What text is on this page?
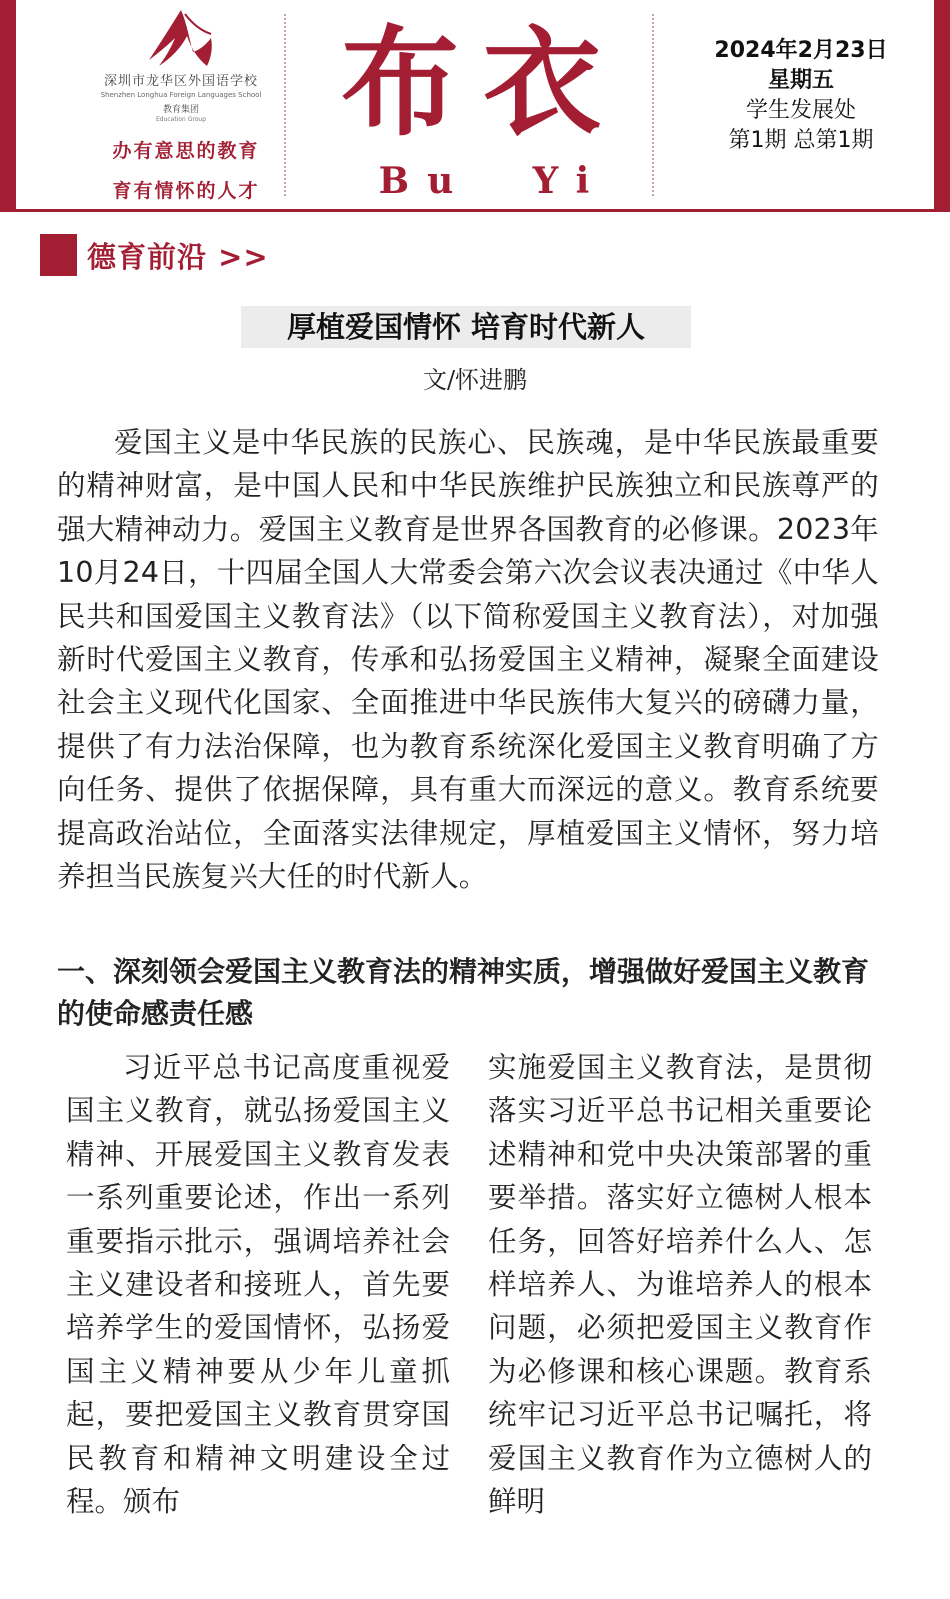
深圳市龙华区外国语学校
Shenzhen Longhua Foreign Languages School
教育集团
Education Group
办有意思的教育
育有情怀的人才
布衣
Bu Yi
2024年2月23日
星期五
学生发展处
第1期 总第1期
德育前沿 >>
厚植爱国情怀 培育时代新人
文/怀进鹏

爱国主义是中华民族的民族心、民族魂，是中华民族最重要的精神财富，是中国人民和中华民族维护民族独立和民族尊严的强大精神动力。爱国主义教育是世界各国教育的必修课。2023年10月24日，十四届全国人大常委会第六次会议表决通过《中华人民共和国爱国主义教育法》（以下简称爱国主义教育法），对加强新时代爱国主义教育，传承和弘扬爱国主义精神，凝聚全面建设社会主义现代化国家、全面推进中华民族伟大复兴的磅礴力量，提供了有力法治保障，也为教育系统深化爱国主义教育明确了方向任务、提供了依据保障，具有重大而深远的意义。教育系统要提高政治站位，全面落实法律规定，厚植爱国主义情怀，努力培养担当民族复兴大任的时代新人。

一、深刻领会爱国主义教育法的精神实质，增强做好爱国主义教育的使命感责任感

习近平总书记高度重视爱国主义教育，就弘扬爱国主义精神、开展爱国主义教育发表一系列重要论述，作出一系列重要指示批示，强调培养社会主义建设者和接班人，首先要培养学生的爱国情怀，弘扬爱国主义精神要从少年儿童抓起，要把爱国主义教育贯穿国民教育和精神文明建设全过程。颁布

实施爱国主义教育法，是贯彻落实习近平总书记相关重要论述精神和党中央决策部署的重要举措。落实好立德树人根本任务，回答好培养什么人、怎样培养人、为谁培养人的根本问题，必须把爱国主义教育作为必修课和核心课题。教育系统牢记习近平总书记嘱托，将爱国主义教育作为立德树人的鲜明
